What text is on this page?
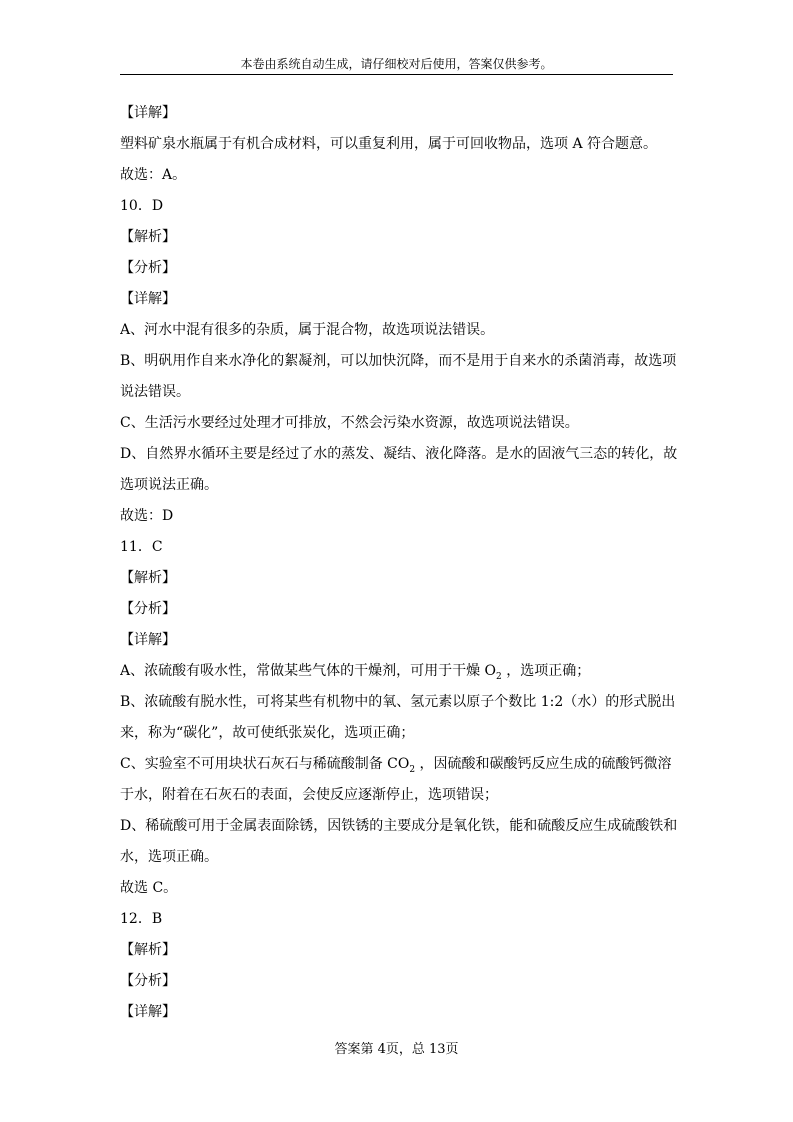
本卷由系统自动生成，请仔细校对后使用，答案仅供参考。
【详解】
塑料矿泉水瓶属于有机合成材料，可以重复利用，属于可回收物品，选项 A 符合题意。
故选：A。
10．D
【解析】
【分析】
【详解】
A、河水中混有很多的杂质，属于混合物，故选项说法错误。
B、明矾用作自来水净化的絮凝剂，可以加快沉降，而不是用于自来水的杀菌消毒，故选项
说法错误。
C、生活污水要经过处理才可排放，不然会污染水资源，故选项说法错误。
D、自然界水循环主要是经过了水的蒸发、凝结、液化降落。是水的固液气三态的转化，故
选项说法正确。
故选：D
11．C
【解析】
【分析】
【详解】
A、浓硫酸有吸水性，常做某些气体的干燥剂，可用于干燥 $O_2$ ，选项正确；
B、浓硫酸有脱水性，可将某些有机物中的氧、氢元素以原子个数比 1:2（水）的形式脱出
来，称为“碳化”，故可使纸张炭化，选项正确；
C、实验室不可用块状石灰石与稀硫酸制备 $CO_2$ ，因硫酸和碳酸钙反应生成的硫酸钙微溶
于水，附着在石灰石的表面，会使反应逐渐停止，选项错误；
D、稀硫酸可用于金属表面除锈，因铁锈的主要成分是氧化铁，能和硫酸反应生成硫酸铁和
水，选项正确。
故选 C。
12．B
【解析】
【分析】
【详解】
答案第 4页，总 13页
